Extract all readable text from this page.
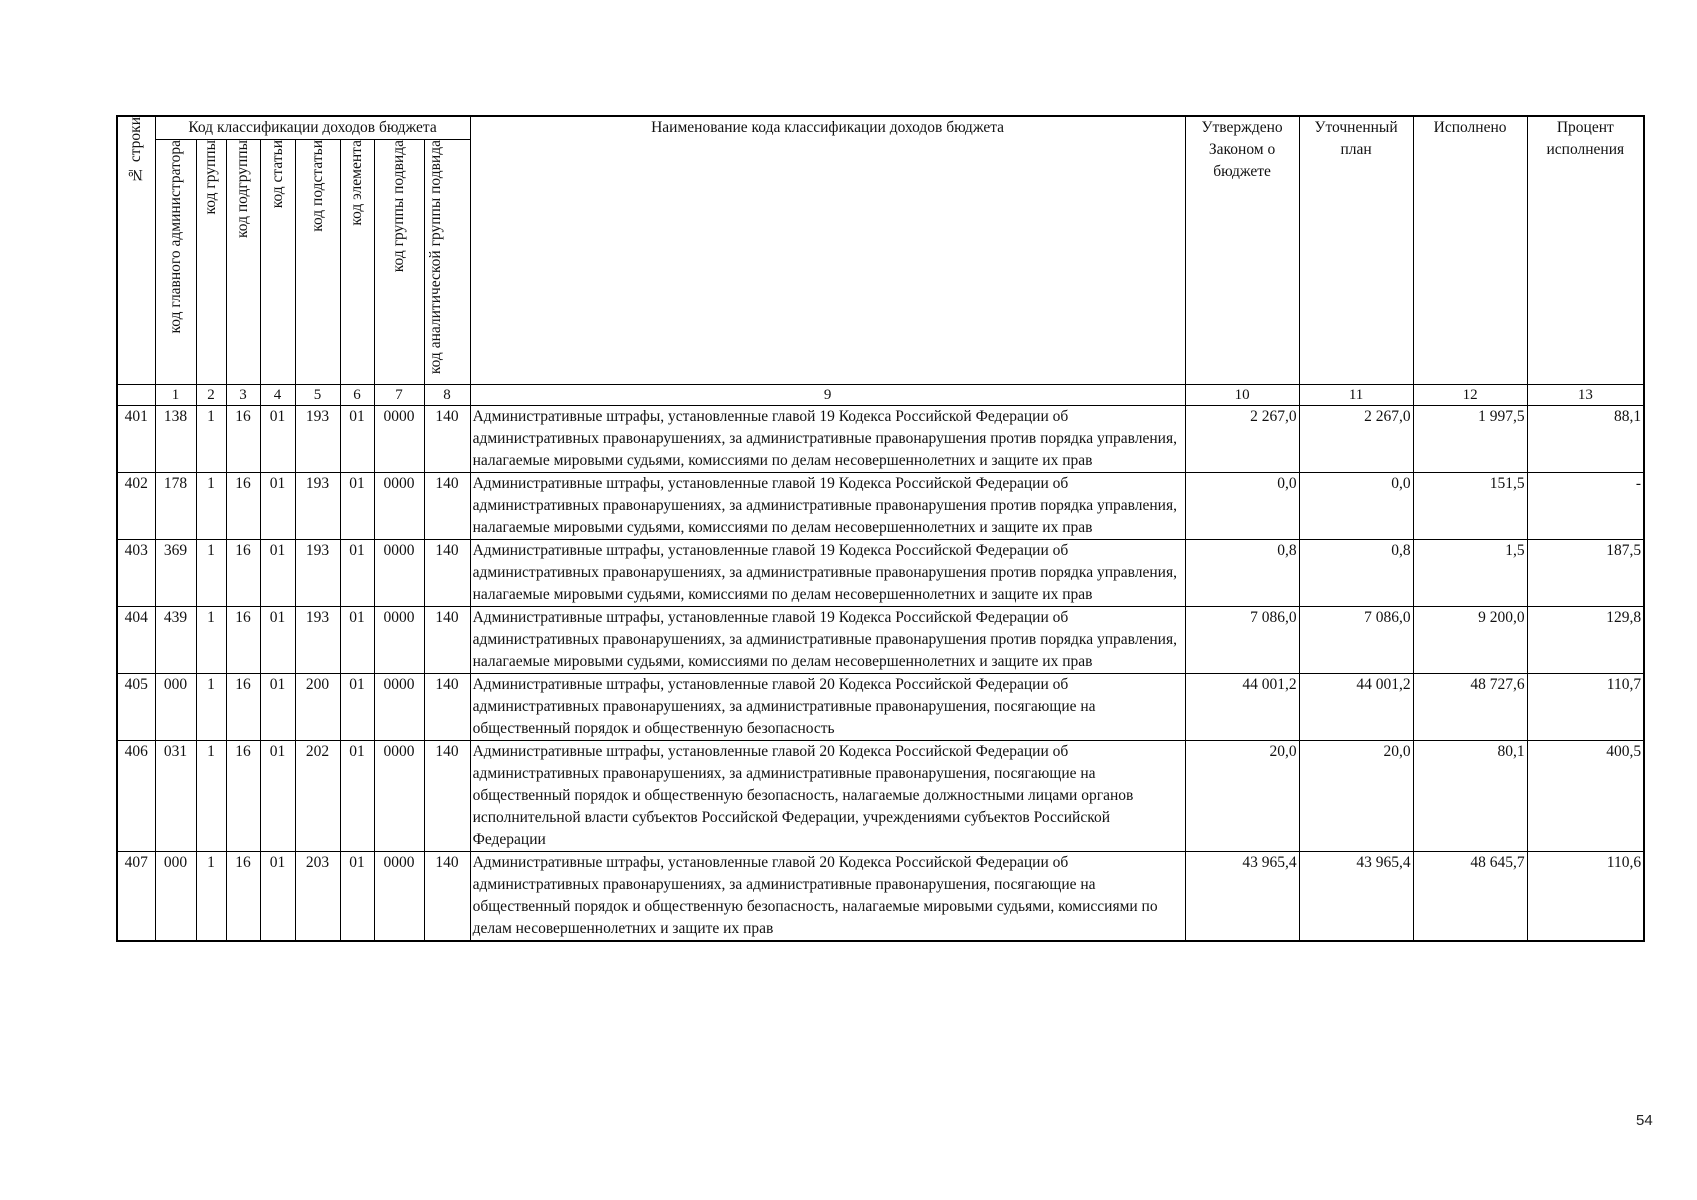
№ строки	Код классификации доходов бюджета								Наименование кода классификации доходов бюджета	Утверждено Законом о бюджете	Уточненный план	Исполнено	Процент исполнения
	код главного администратора	код группы	код подгруппы	код статьи	код подстатьи	код элемента	код группы подвида	код аналитической группы подвида					
	1	2	3	4	5	6	7	8	9	10	11	12	13
401	138	1	16	01	193	01	0000	140	Административные штрафы, установленные главой 19 Кодекса Российской Федерации об административных правонарушениях, за административные правонарушения против порядка управления, налагаемые мировыми судьями, комиссиями по делам несовершеннолетних и защите их прав	2 267,0	2 267,0	1 997,5	88,1
402	178	1	16	01	193	01	0000	140	Административные штрафы, установленные главой 19 Кодекса Российской Федерации об административных правонарушениях, за административные правонарушения против порядка управления, налагаемые мировыми судьями, комиссиями по делам несовершеннолетних и защите их прав	0,0	0,0	151,5	-
403	369	1	16	01	193	01	0000	140	Административные штрафы, установленные главой 19 Кодекса Российской Федерации об административных правонарушениях, за административные правонарушения против порядка управления, налагаемые мировыми судьями, комиссиями по делам несовершеннолетних и защите их прав	0,8	0,8	1,5	187,5
404	439	1	16	01	193	01	0000	140	Административные штрафы, установленные главой 19 Кодекса Российской Федерации об административных правонарушениях, за административные правонарушения против порядка управления, налагаемые мировыми судьями, комиссиями по делам несовершеннолетних и защите их прав	7 086,0	7 086,0	9 200,0	129,8
405	000	1	16	01	200	01	0000	140	Административные штрафы, установленные главой 20 Кодекса Российской Федерации об административных правонарушениях, за административные правонарушения, посягающие на общественный порядок и общественную безопасность	44 001,2	44 001,2	48 727,6	110,7
406	031	1	16	01	202	01	0000	140	Административные штрафы, установленные главой 20 Кодекса Российской Федерации об административных правонарушениях, за административные правонарушения, посягающие на общественный порядок и общественную безопасность, налагаемые должностными лицами органов исполнительной власти субъектов Российской Федерации, учреждениями субъектов Российской Федерации	20,0	20,0	80,1	400,5
407	000	1	16	01	203	01	0000	140	Административные штрафы, установленные главой 20 Кодекса Российской Федерации об административных правонарушениях, за административные правонарушения, посягающие на общественный порядок и общественную безопасность, налагаемые мировыми судьями, комиссиями по делам несовершеннолетних и защите их прав	43 965,4	43 965,4	48 645,7	110,6
54
